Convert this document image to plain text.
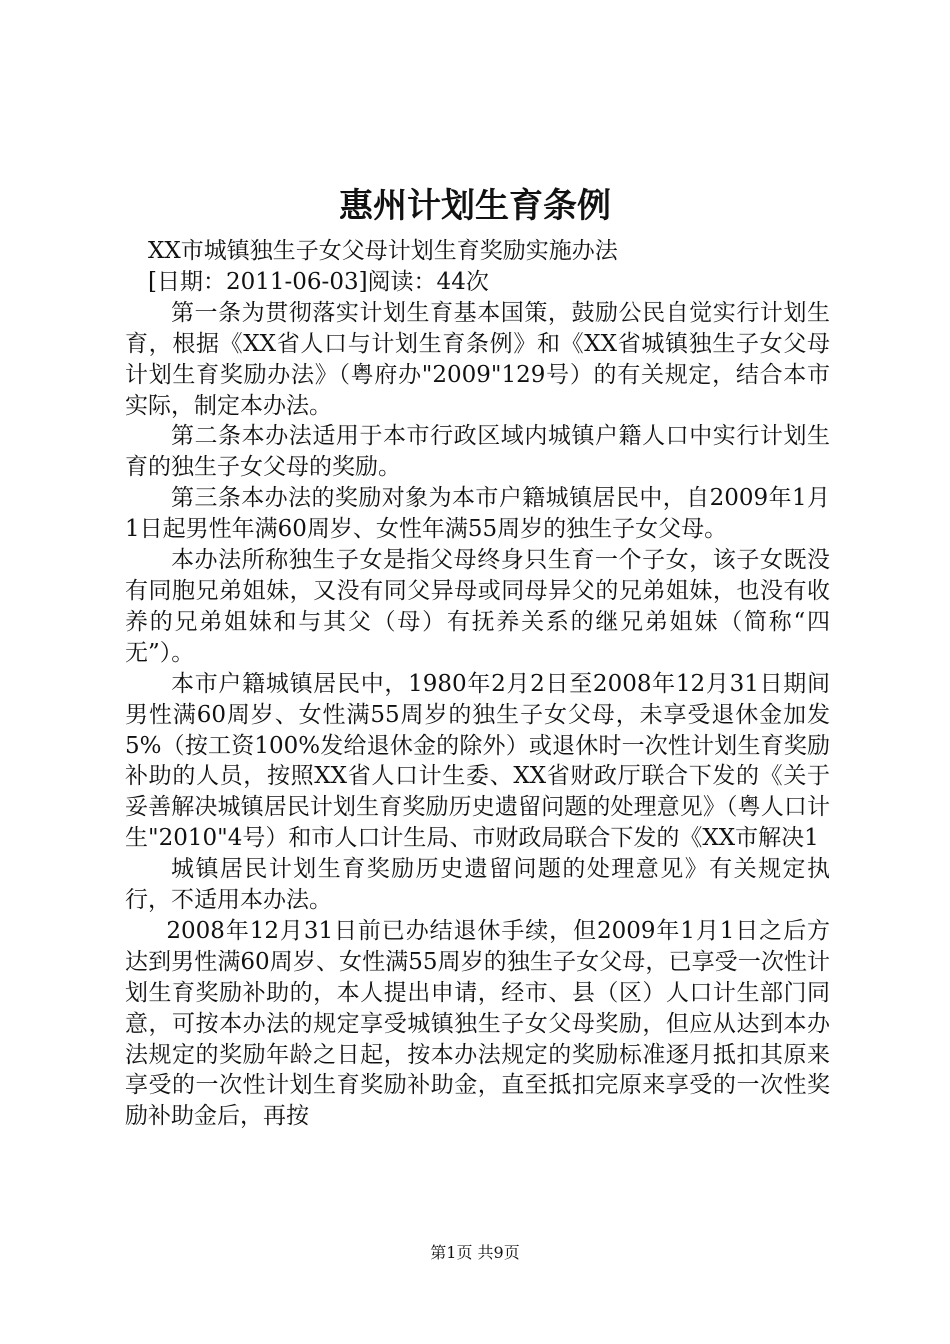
惠州计划生育条例

XX市城镇独生子女父母计划生育奖励实施办法

[日期：2011-06-03]阅读：44次

第一条为贯彻落实计划生育基本国策，鼓励公民自觉实行计划生育，根据《XX省人口与计划生育条例》和《XX省城镇独生子女父母计划生育奖励办法》（粤府办"2009"129号）的有关规定，结合本市实际，制定本办法。

第二条本办法适用于本市行政区域内城镇户籍人口中实行计划生育的独生子女父母的奖励。

第三条本办法的奖励对象为本市户籍城镇居民中，自2009年1月1日起男性年满60周岁、女性年满55周岁的独生子女父母。

本办法所称独生子女是指父母终身只生育一个子女，该子女既没有同胞兄弟姐妹，又没有同父异母或同母异父的兄弟姐妹，也没有收养的兄弟姐妹和与其父（母）有抚养关系的继兄弟姐妹（简称“四无”）。

本市户籍城镇居民中，1980年2月2日至2008年12月31日期间男性满60周岁、女性满55周岁的独生子女父母，未享受退休金加发5%（按工资100%发给退休金的除外）或退休时一次性计划生育奖励补助的人员，按照XX省人口计生委、XX省财政厅联合下发的《关于妥善解决城镇居民计划生育奖励历史遗留问题的处理意见》（粤人口计生"2010"4号）和市人口计生局、市财政局联合下发的《XX市解决1

城镇居民计划生育奖励历史遗留问题的处理意见》有关规定执行，不适用本办法。

2008年12月31日前已办结退休手续，但2009年1月1日之后方达到男性满60周岁、女性满55周岁的独生子女父母，已享受一次性计划生育奖励补助的，本人提出申请，经市、县（区）人口计生部门同意，可按本办法的规定享受城镇独生子女父母奖励，但应从达到本办法规定的奖励年龄之日起，按本办法规定的奖励标准逐月抵扣其原来享受的一次性计划生育奖励补助金，直至抵扣完原来享受的一次性奖励补助金后，再按

第1页 共9页
